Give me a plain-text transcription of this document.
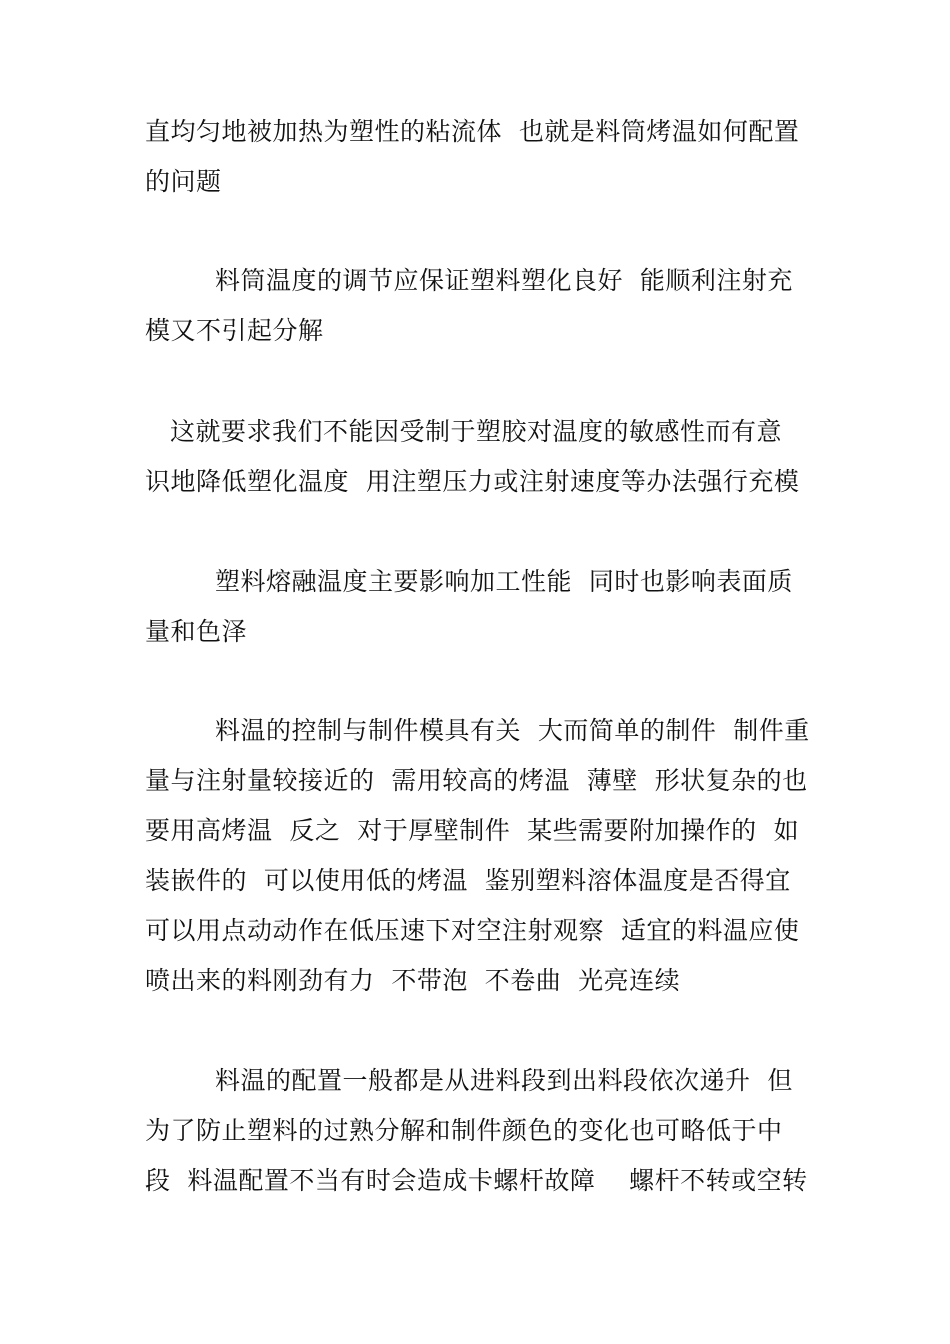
直均匀地被加热为塑性的粘流体  也就是料筒烤温如何配置
的问题
料筒温度的调节应保证塑料塑化良好  能顺利注射充
模又不引起分解
这就要求我们不能因受制于塑胶对温度的敏感性而有意
识地降低塑化温度  用注塑压力或注射速度等办法强行充模
塑料熔融温度主要影响加工性能  同时也影响表面质
量和色泽
料温的控制与制件模具有关  大而简单的制件  制件重
量与注射量较接近的  需用较高的烤温  薄壁  形状复杂的也
要用高烤温  反之  对于厚壁制件  某些需要附加操作的  如
装嵌件的  可以使用低的烤温  鉴别塑料溶体温度是否得宜
可以用点动动作在低压速下对空注射观察  适宜的料温应使
喷出来的料刚劲有力  不带泡  不卷曲  光亮连续
料温的配置一般都是从进料段到出料段依次递升  但
为了防止塑料的过熟分解和制件颜色的变化也可略低于中
段  料温配置不当有时会造成卡螺杆故障    螺杆不转或空转
